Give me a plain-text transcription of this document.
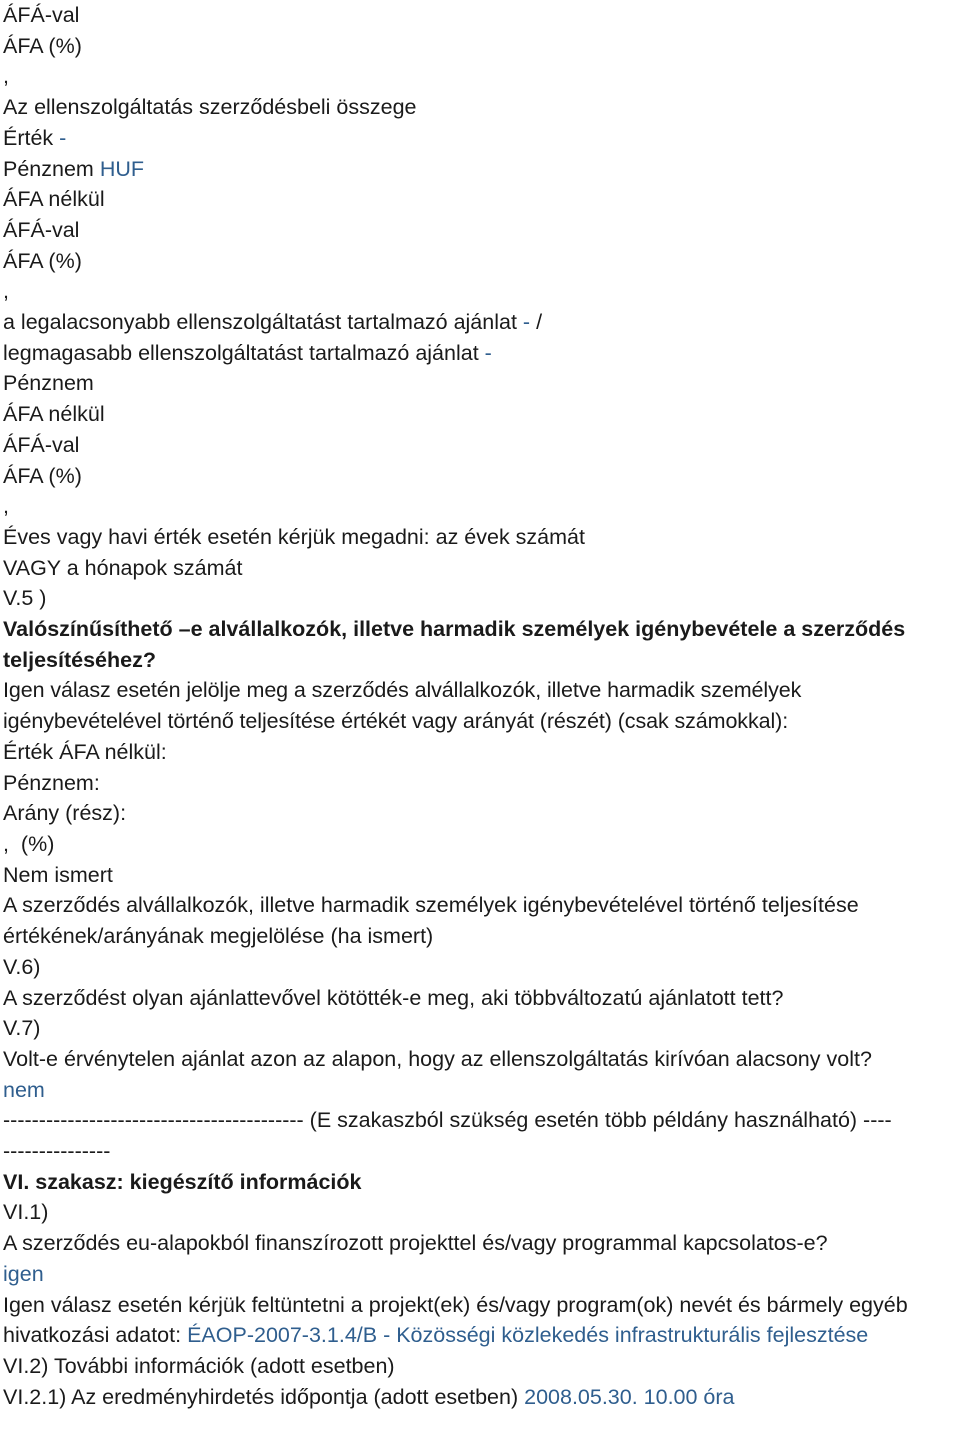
ÁFÁ-val
ÁFA (%)
,
Az ellenszolgáltatás szerződésbeli összege
Érték -
Pénznem HUF
ÁFA nélkül
ÁFÁ-val
ÁFA (%)
,
a legalacsonyabb ellenszolgáltatást tartalmazó ajánlat - /
legmagasabb ellenszolgáltatást tartalmazó ajánlat -
Pénznem
ÁFA nélkül
ÁFÁ-val
ÁFA (%)
,
Éves vagy havi érték esetén kérjük megadni: az évek számát
VAGY a hónapok számát
V.5 )
Valószínűsíthető –e alvállalkozók, illetve harmadik személyek igénybevétele a szerződés teljesítéséhez?
Igen válasz esetén jelölje meg a szerződés alvállalkozók, illetve harmadik személyek igénybevételével történő teljesítése értékét vagy arányát (részét) (csak számokkal):
Érték ÁFA nélkül:
Pénznem:
Arány (rész):
,  (%)
Nem ismert
A szerződés alvállalkozók, illetve harmadik személyek igénybevételével történő teljesítése értékének/arányának megjelölése (ha ismert)
V.6)
A szerződést olyan ajánlattevővel kötötték-e meg, aki többváltozatú ajánlatott tett?
V.7)
Volt-e érvénytelen ajánlat azon az alapon, hogy az ellenszolgáltatás kirívóan alacsony volt? nem
------------------------------------------ (E szakaszból szükség esetén több példány használható) -------------------
VI. szakasz: kiegészítő információk
VI.1)
A szerződés eu-alapokból finanszírozott projekttel és/vagy programmal kapcsolatos-e? igen
Igen válasz esetén kérjük feltüntetni a projekt(ek) és/vagy program(ok) nevét és bármely egyéb hivatkozási adatot: ÉAOP-2007-3.1.4/B - Közösségi közlekedés infrastrukturális fejlesztése
VI.2) További információk (adott esetben)
VI.2.1) Az eredményhirdetés időpontja (adott esetben) 2008.05.30. 10.00 óra
